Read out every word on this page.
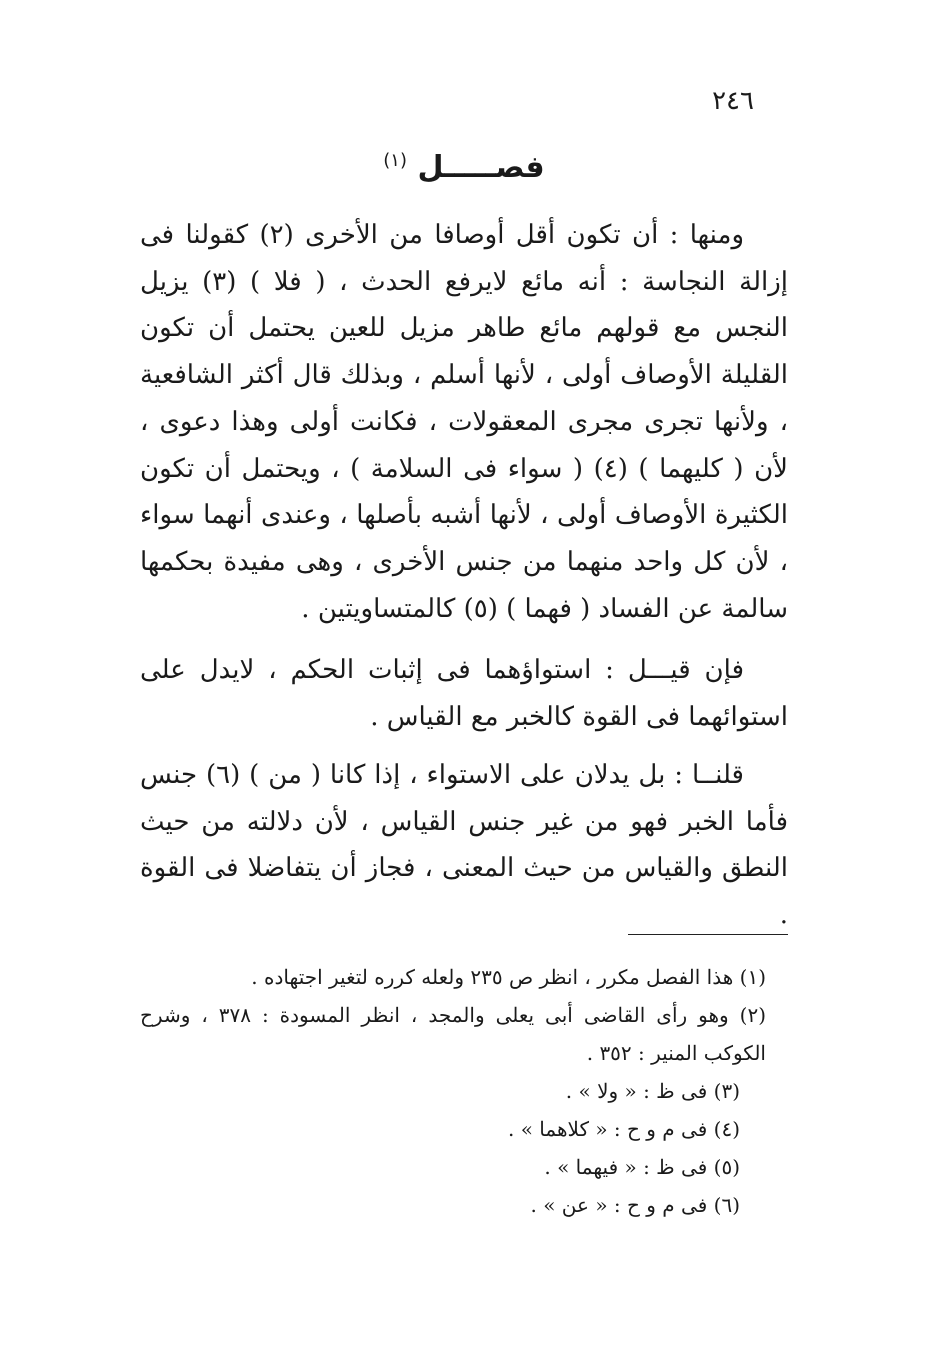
٢٤٦
فصـــــل $^{(١)}$

ومنها : أن تكون أقل أوصافا من الأخرى (٢) كقولنا فى إزالة النجاسة : أنه مائع لايرفع الحدث ، ( فلا ) (٣) يزيل النجس مع قولهم مائع طاهر مزيل للعين يحتمل أن تكون القليلة الأوصاف أولى ، لأنها أسلم ، وبذلك قال أكثر الشافعية ، ولأنها تجرى مجرى المعقولات ، فكانت أولى وهذا دعوى ، لأن ( كليهما ) (٤) ( سواء فى السلامة ) ، ويحتمل أن تكون الكثيرة الأوصاف أولى ، لأنها أشبه بأصلها ، وعندى أنهما سواء ، لأن كل واحد منهما من جنس الأخرى ، وهى مفيدة بحكمها سالمة عن الفساد ( فهما ) (٥) كالمتساويتين .

فإن قيـــل : استواؤهما فى إثبات الحكم ، لايدل على استوائهما فى القوة كالخبر مع القياس .

قلنــا : بل يدلان على الاستواء ، إذا كانا ( من ) (٦) جنس فأما الخبر فهو من غير جنس القياس ، لأن دلالته من حيث النطق والقياس من حيث المعنى ، فجاز أن يتفاضلا فى القوة .

(١) هذا الفصل مكرر ، انظر ص ٢٣٥ ولعله كرره لتغير اجتهاده .
(٢) وهو رأى القاضى أبى يعلى والمجد ، انظر المسودة : ٣٧٨ ، وشرح الكوكب المنير : ٣٥٢ .
(٣) فى ظ : « ولا » .
(٤) فى م و ح : « كلاهما » .
(٥) فى ظ : « فيهما » .
(٦) فى م و ح : « عن » .
